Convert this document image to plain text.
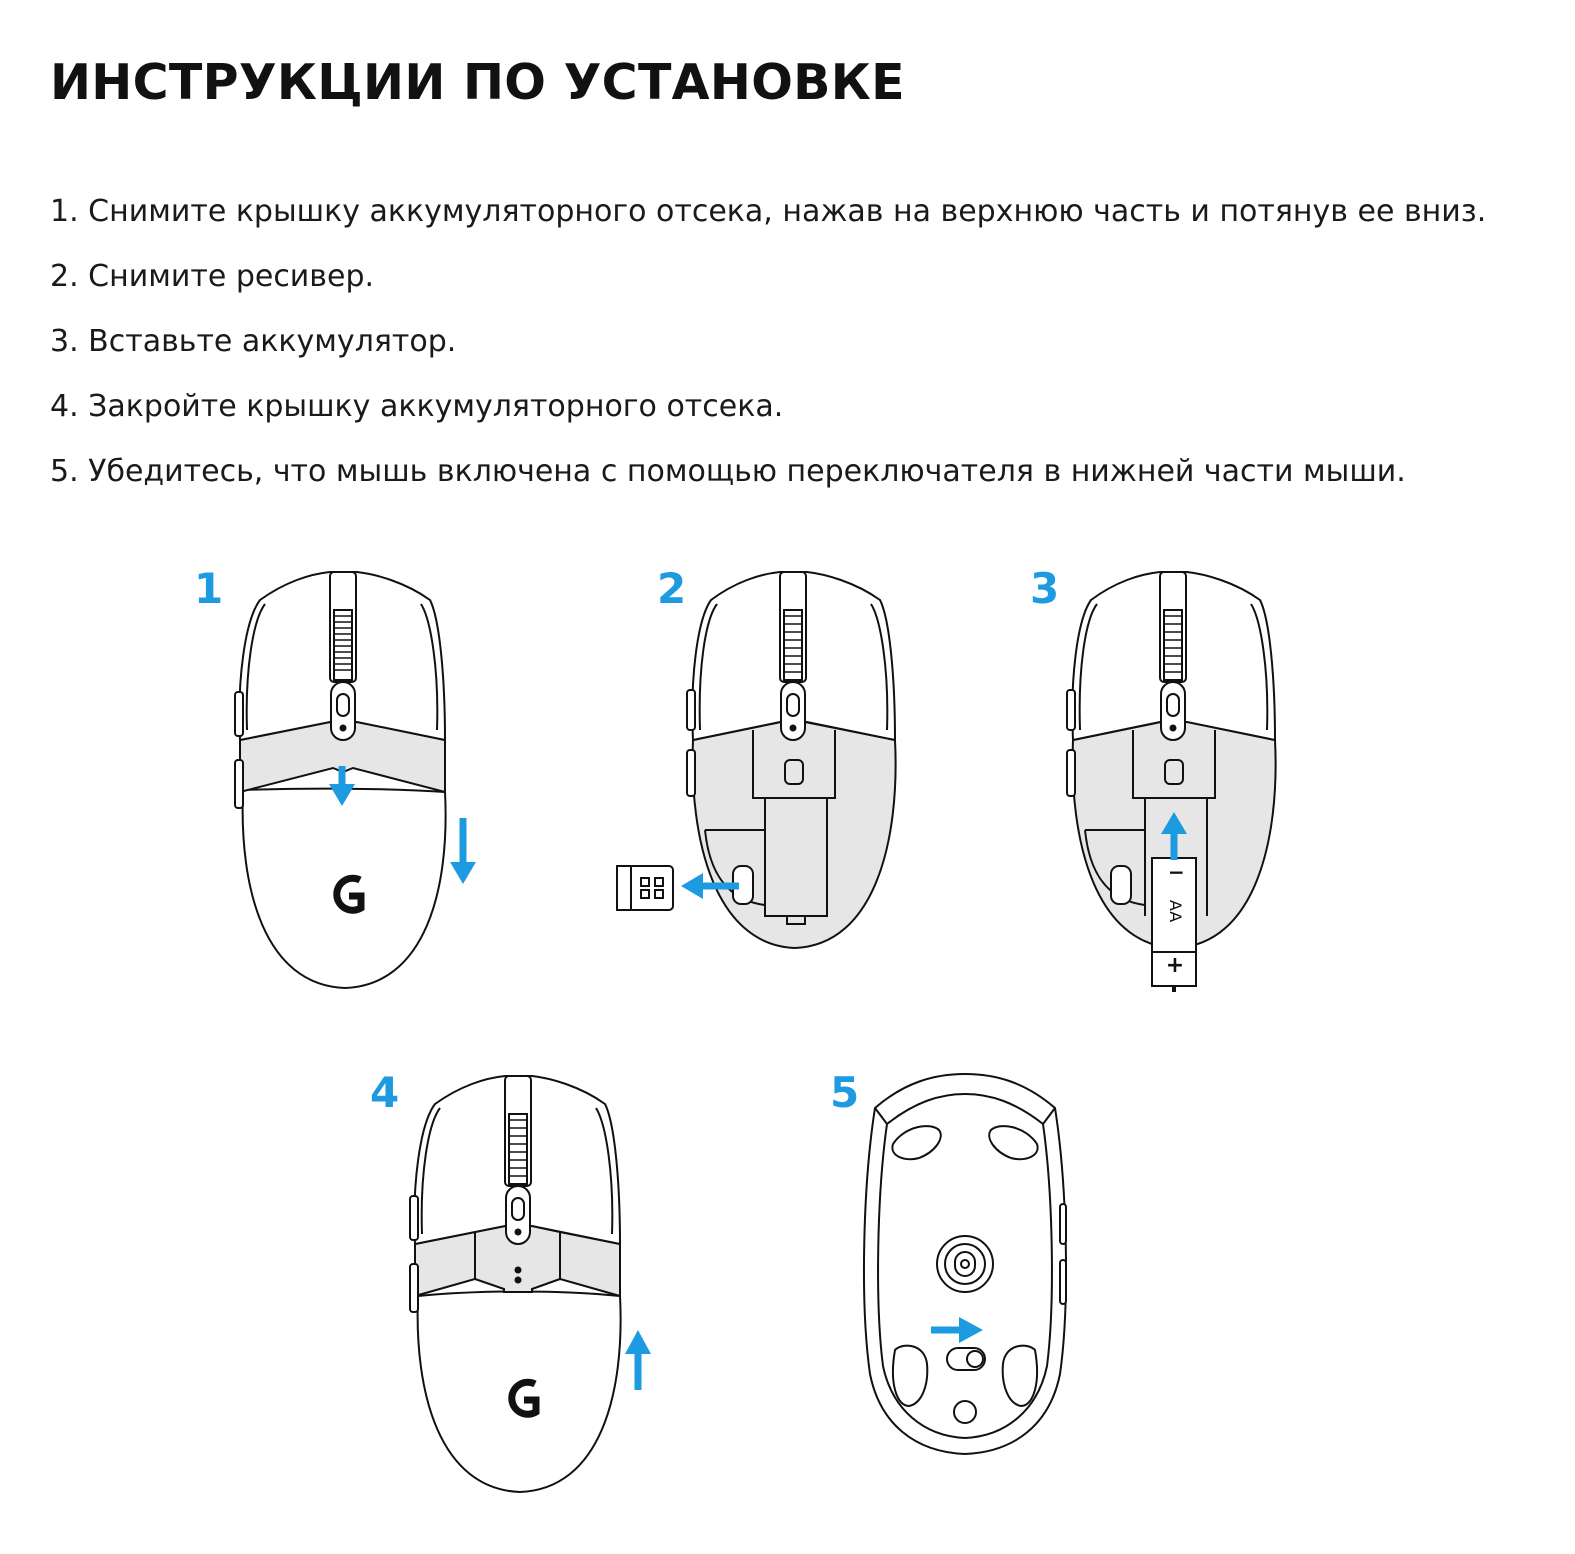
ИНСТРУКЦИИ ПО УСТАНОВКЕ
1. Снимите крышку аккумуляторного отсека, нажав на верхнюю часть и потянув ее вниз.
2. Снимите ресивер.
3. Вставьте аккумулятор.
4. Закройте крышку аккумуляторного отсека.
5. Убедитесь, что мышь включена с помощью переключателя в нижней части мыши.
1	2	3
−
AA
+
4	5
